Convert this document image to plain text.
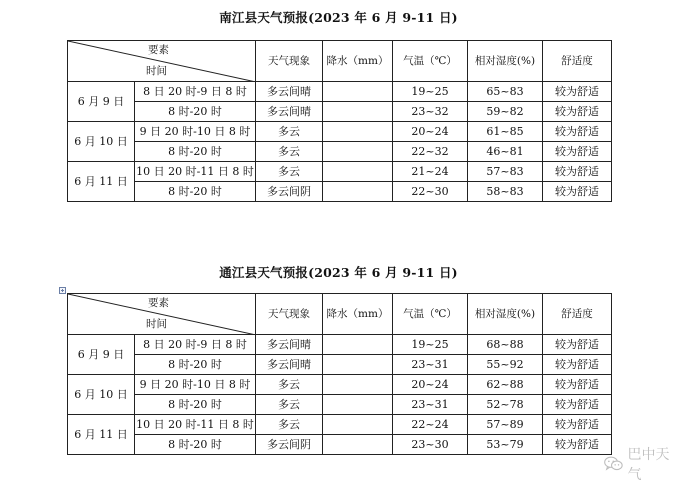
南江县天气预报(2023 年 6 月 9-11 日)
要素
时间		天气现象	降水（mm）	气温（℃）	相对湿度(%)	舒适度
6 月 9 日	8 日 20 时-9 日 8 时	多云间晴		19~25	65~83	较为舒适
	8 时-20 时	多云间晴		23~32	59~82	较为舒适
6 月 10 日	9 日 20 时-10 日 8 时	多云		20~24	61~85	较为舒适
	8 时-20 时	多云		22~32	46~81	较为舒适
6 月 11 日	10 日 20 时-11 日 8 时	多云		21~24	57~83	较为舒适
	8 时-20 时	多云间阴		22~30	58~83	较为舒适
通江县天气预报(2023 年 6 月 9-11 日)
要素
时间		天气现象	降水（mm）	气温（℃）	相对湿度(%)	舒适度
6 月 9 日	8 日 20 时-9 日 8 时	多云间晴		19~25	68~88	较为舒适
	8 时-20 时	多云间晴		23~31	55~92	较为舒适
6 月 10 日	9 日 20 时-10 日 8 时	多云		20~24	62~88	较为舒适
	8 时-20 时	多云		23~31	52~78	较为舒适
6 月 11 日	10 日 20 时-11 日 8 时	多云		22~24	57~89	较为舒适
	8 时-20 时	多云间阴		23~30	53~79	较为舒适
巴中天气
